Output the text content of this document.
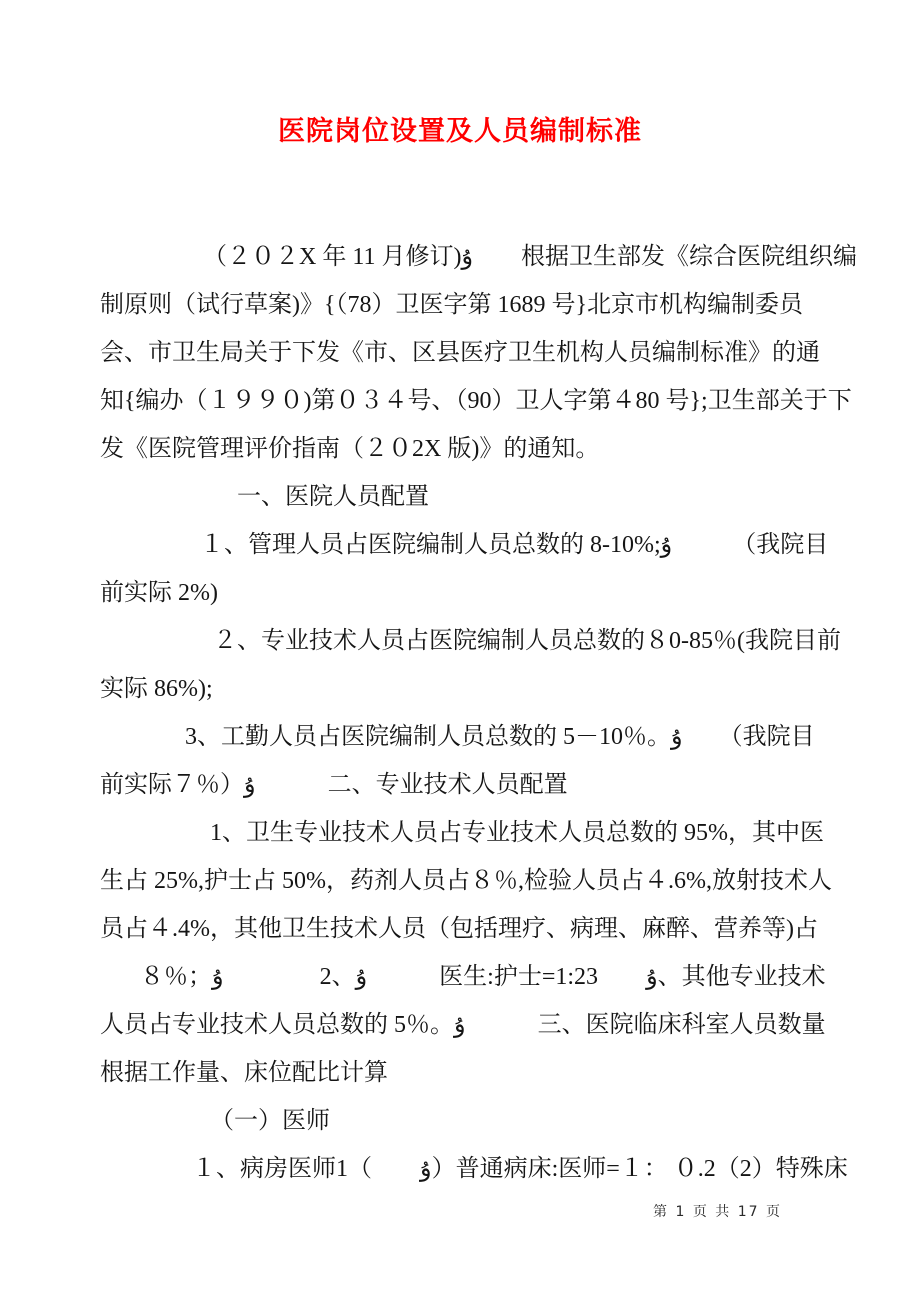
医院岗位设置及人员编制标准
（２０２X 年 11 月修订)ۇ　　根据卫生部发《综合医院组织编
制原则（试行草案)》{（78）卫医字第 1689 号}北京市机构编制委员
会、市卫生局关于下发《市、区县医疗卫生机构人员编制标准》的通
知{编办（１９９０)第０３４号、（90）卫人字第４80 号};卫生部关于下
发《医院管理评价指南（２０2X 版)》的通知。
一、医院人员配置
１、管理人员占医院编制人员总数的 8-10%;ۇ　　　（我院目
前实际 2%)
２、专业技术人员占医院编制人员总数的８0-85％(我院目前
实际 86%);
3、工勤人员占医院编制人员总数的 5－10％。ۇ　　（我院目
前实际７％）ۇ　　　二、专业技术人员配置
1、卫生专业技术人员占专业技术人员总数的 95%，其中医
生占 25%,护士占 50%，药剂人员占８％,检验人员占４.6%,放射技术人
员占４.4%，其他卫生技术人员（包括理疗、病理、麻醉、营养等)占
８％；ۇ、2　　　　ۇ　　　医生:护士=1:23　　ۇ、其他专业技术
人员占专业技术人员总数的 5％。ۇ　　　三、医院临床科室人员数量
根据工作量、床位配比计算
（一）医师
１、病房医师1（　　ۇ）普通病床:医师=１： ０.2（2）特殊床
第 1 页 共 17 页
